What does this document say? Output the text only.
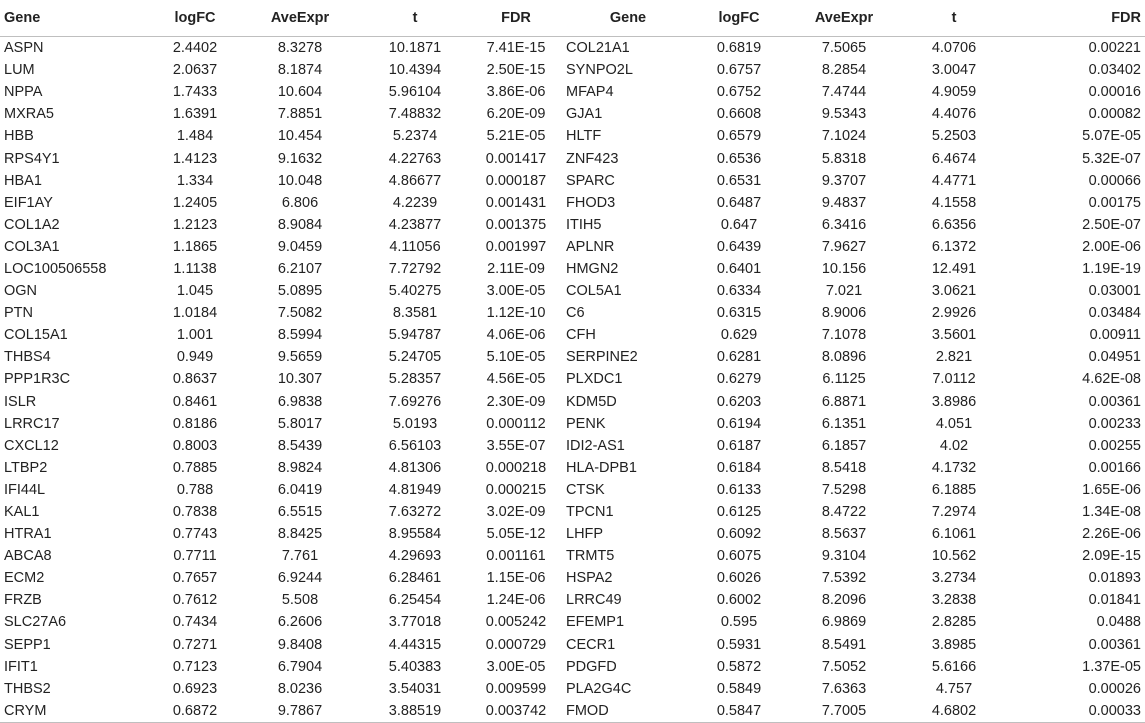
Gene	logFC	AveExpr	t	FDR	Gene	logFC	AveExpr	t	FDR
ASPN	2.4402	8.3278	10.1871	7.41E-15	COL21A1	0.6819	7.5065	4.0706	0.00221
LUM	2.0637	8.1874	10.4394	2.50E-15	SYNPO2L	0.6757	8.2854	3.0047	0.03402
NPPA	1.7433	10.604	5.96104	3.86E-06	MFAP4	0.6752	7.4744	4.9059	0.00016
MXRA5	1.6391	7.8851	7.48832	6.20E-09	GJA1	0.6608	9.5343	4.4076	0.00082
HBB	1.484	10.454	5.2374	5.21E-05	HLTF	0.6579	7.1024	5.2503	5.07E-05
RPS4Y1	1.4123	9.1632	4.22763	0.001417	ZNF423	0.6536	5.8318	6.4674	5.32E-07
HBA1	1.334	10.048	4.86677	0.000187	SPARC	0.6531	9.3707	4.4771	0.00066
EIF1AY	1.2405	6.806	4.2239	0.001431	FHOD3	0.6487	9.4837	4.1558	0.00175
COL1A2	1.2123	8.9084	4.23877	0.001375	ITIH5	0.647	6.3416	6.6356	2.50E-07
COL3A1	1.1865	9.0459	4.11056	0.001997	APLNR	0.6439	7.9627	6.1372	2.00E-06
LOC100506558	1.1138	6.2107	7.72792	2.11E-09	HMGN2	0.6401	10.156	12.491	1.19E-19
OGN	1.045	5.0895	5.40275	3.00E-05	COL5A1	0.6334	7.021	3.0621	0.03001
PTN	1.0184	7.5082	8.3581	1.12E-10	C6	0.6315	8.9006	2.9926	0.03484
COL15A1	1.001	8.5994	5.94787	4.06E-06	CFH	0.629	7.1078	3.5601	0.00911
THBS4	0.949	9.5659	5.24705	5.10E-05	SERPINE2	0.6281	8.0896	2.821	0.04951
PPP1R3C	0.8637	10.307	5.28357	4.56E-05	PLXDC1	0.6279	6.1125	7.0112	4.62E-08
ISLR	0.8461	6.9838	7.69276	2.30E-09	KDM5D	0.6203	6.8871	3.8986	0.00361
LRRC17	0.8186	5.8017	5.0193	0.000112	PENK	0.6194	6.1351	4.051	0.00233
CXCL12	0.8003	8.5439	6.56103	3.55E-07	IDI2-AS1	0.6187	6.1857	4.02	0.00255
LTBP2	0.7885	8.9824	4.81306	0.000218	HLA-DPB1	0.6184	8.5418	4.1732	0.00166
IFI44L	0.788	6.0419	4.81949	0.000215	CTSK	0.6133	7.5298	6.1885	1.65E-06
KAL1	0.7838	6.5515	7.63272	3.02E-09	TPCN1	0.6125	8.4722	7.2974	1.34E-08
HTRA1	0.7743	8.8425	8.95584	5.05E-12	LHFP	0.6092	8.5637	6.1061	2.26E-06
ABCA8	0.7711	7.761	4.29693	0.001161	TRMT5	0.6075	9.3104	10.562	2.09E-15
ECM2	0.7657	6.9244	6.28461	1.15E-06	HSPA2	0.6026	7.5392	3.2734	0.01893
FRZB	0.7612	5.508	6.25454	1.24E-06	LRRC49	0.6002	8.2096	3.2838	0.01841
SLC27A6	0.7434	6.2606	3.77018	0.005242	EFEMP1	0.595	6.9869	2.8285	0.0488
SEPP1	0.7271	9.8408	4.44315	0.000729	CECR1	0.5931	8.5491	3.8985	0.00361
IFIT1	0.7123	6.7904	5.40383	3.00E-05	PDGFD	0.5872	7.5052	5.6166	1.37E-05
THBS2	0.6923	8.0236	3.54031	0.009599	PLA2G4C	0.5849	7.6363	4.757	0.00026
CRYM	0.6872	9.7867	3.88519	0.003742	FMOD	0.5847	7.7005	4.6802	0.00033
